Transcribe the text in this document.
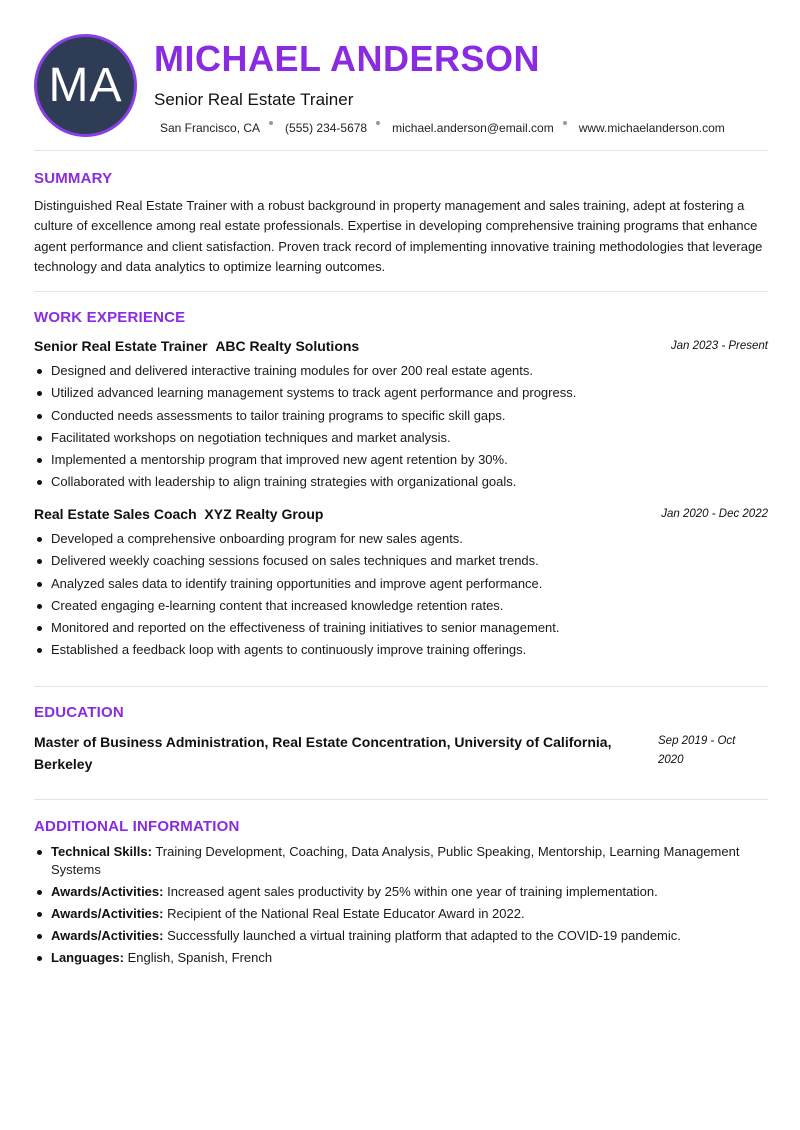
MA
MICHAEL ANDERSON
Senior Real Estate Trainer
San Francisco, CA (555) 234-5678 michael.anderson@email.com www.michaelanderson.com
SUMMARY
Distinguished Real Estate Trainer with a robust background in property management and sales training, adept at fostering a culture of excellence among real estate professionals. Expertise in developing comprehensive training programs that enhance agent performance and client satisfaction. Proven track record of implementing innovative training methodologies that leverage technology and data analytics to optimize learning outcomes.
WORK EXPERIENCE
Senior Real Estate Trainer ABC Realty Solutions	Jan 2023 - Present
Designed and delivered interactive training modules for over 200 real estate agents.
Utilized advanced learning management systems to track agent performance and progress.
Conducted needs assessments to tailor training programs to specific skill gaps.
Facilitated workshops on negotiation techniques and market analysis.
Implemented a mentorship program that improved new agent retention by 30%.
Collaborated with leadership to align training strategies with organizational goals.
Real Estate Sales Coach XYZ Realty Group	Jan 2020 - Dec 2022
Developed a comprehensive onboarding program for new sales agents.
Delivered weekly coaching sessions focused on sales techniques and market trends.
Analyzed sales data to identify training opportunities and improve agent performance.
Created engaging e-learning content that increased knowledge retention rates.
Monitored and reported on the effectiveness of training initiatives to senior management.
Established a feedback loop with agents to continuously improve training offerings.
EDUCATION
Master of Business Administration, Real Estate Concentration, University of California, Berkeley
Sep 2019 - Oct 2020
ADDITIONAL INFORMATION
Technical Skills: Training Development, Coaching, Data Analysis, Public Speaking, Mentorship, Learning Management Systems
Awards/Activities: Increased agent sales productivity by 25% within one year of training implementation.
Awards/Activities: Recipient of the National Real Estate Educator Award in 2022.
Awards/Activities: Successfully launched a virtual training platform that adapted to the COVID-19 pandemic.
Languages: English, Spanish, French
